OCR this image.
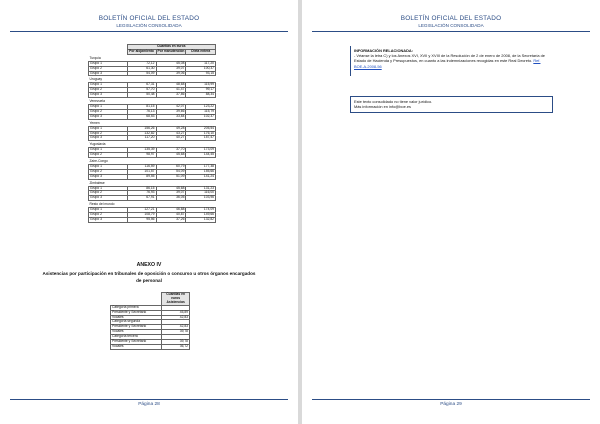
BOLETÍN OFICIAL DEL ESTADO
LEGISLACIÓN CONSOLIDADA
	Cuantías en euros		
	Por alojamiento	Por manutención	Dieta entera
Turquía			
Grupo 1	72,12	45,08	117,20
Grupo 2	61,30	39,07	100,37
Grupo 3	54,09	39,06	93,15
Uruguay			
Grupo 1	67,31	48,68	115,99
Grupo 2	57,70	41,47	99,17
Grupo 3	50,48	37,86	88,34
Venezuela			
Grupo 1	81,15	42,07	123,22
Grupo 2	76,13	39,66	115,79
Grupo 3	68,53	33,84	102,37
Yemen			
Grupo 1	156,26	49,28	205,54
Grupo 2	132,82	43,27	176,10
Grupo 3	117,20	40,27	157,47
Yugoslavia			
Grupo 1	135,39	37,70	173,09
Grupo 2	98,97	45,68	144,45
Zaire-Congo			
Grupo 1	116,59	60,79	177,38
Grupo 2	101,57	54,09	155,66
Grupo 3	89,55	51,09	141,24
Zimbabwe			
Grupo 1	86,15	45,68	131,23
Grupo 2	76,93	39,07	116,00
Grupo 3	67,91	36,05	103,96
Resto del mundo			
Grupo 1	127,21	46,88	174,09
Grupo 2	108,79	40,87	149,66
Grupo 3	95,56	37,26	132,82
ANEXO IV
Asistencias por participación en tribunales de oposición o concurso u otros órganos encargados de personal
	Cuantías en euros Asistencias
Categoría primera	
Presidente y Secretario	45,89
Vocales	42,83
Categoría segunda	
Presidente y Secretario	42,83
Vocales	39,78
Categoría tercera	
Presidente y Secretario	39,78
Vocales	36,72
Página 28
BOLETÍN OFICIAL DEL ESTADO
LEGISLACIÓN CONSOLIDADA
Página 29
INFORMACIÓN RELACIONADA:
- Véanse la letra C) y los Anexos XVI, XVII y XVIII de la Resolución de 2 de enero de 2008, de la Secretaría de Estado de Hacienda y Presupuestos, en cuanto a las indemnizaciones recogidas en este Real Decreto. Ref. BOE-A-2008-56
Este texto consolidado no tiene valor jurídico.
Más información en info@boe.es
